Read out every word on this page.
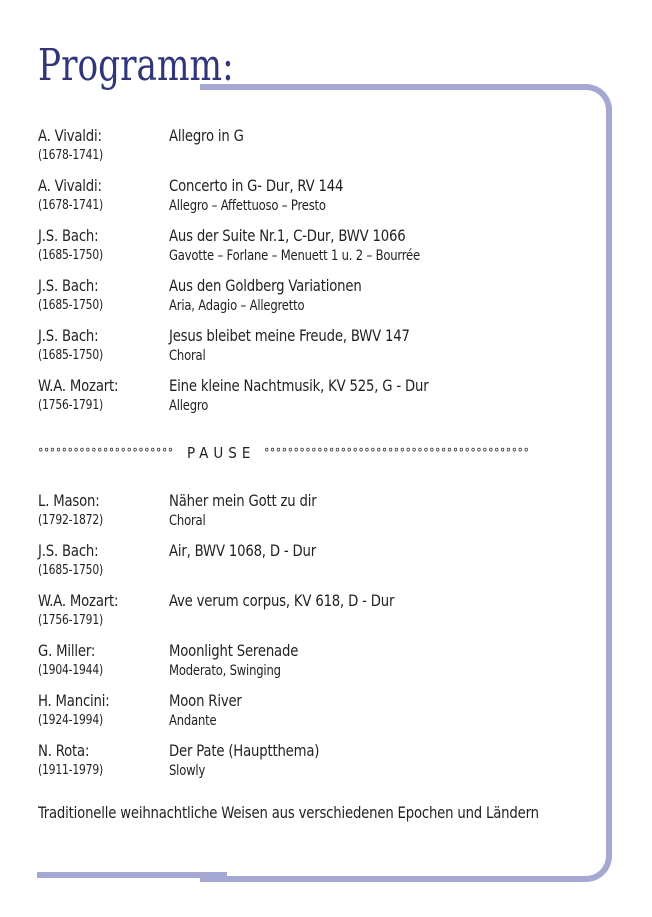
Programm:
A. Vivaldi:	Allegro in G
(1678-1741)
A. Vivaldi:	Concerto in G- Dur, RV 144
(1678-1741)	Allegro – Affettuoso – Presto
J.S. Bach:	Aus der Suite Nr.1, C-Dur, BWV 1066
(1685-1750)	Gavotte – Forlane – Menuett 1 u. 2 – Bourrée
J.S. Bach:	Aus den Goldberg Variationen
(1685-1750)	Aria, Adagio – Allegretto
J.S. Bach:	Jesus bleibet meine Freude, BWV 147
(1685-1750)	Choral
W.A. Mozart:	Eine kleine Nachtmusik, KV 525, G - Dur
(1756-1791)	Allegro
°°°°°°°°°°°°°°°°°°°°°°° PAUSE °°°°°°°°°°°°°°°°°°°°°°°°°°°°°°°°°°°°°°°°°°°°°
L. Mason:	Näher mein Gott zu dir
(1792-1872)	Choral
J.S. Bach:	Air, BWV 1068, D - Dur
(1685-1750)
W.A. Mozart:	Ave verum corpus, KV 618, D - Dur
(1756-1791)
G. Miller:	Moonlight Serenade
(1904-1944)	Moderato, Swinging
H. Mancini:	Moon River
(1924-1994)	Andante
N. Rota:	Der Pate (Hauptthema)
(1911-1979)	Slowly
Traditionelle weihnachtliche Weisen aus verschiedenen Epochen und Ländern
